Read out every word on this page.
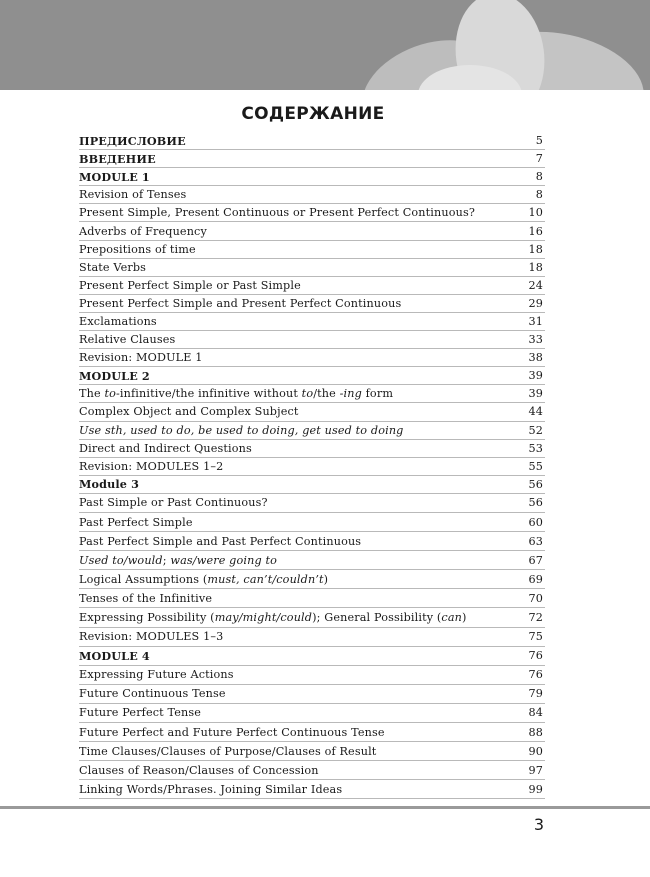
СОДЕРЖАНИЕ
ПРЕДИСЛОВИЕ	5
ВВЕДЕНИЕ	7
MODULE 1	8
Revision of Tenses	8
Present Simple, Present Continuous or Present Perfect Continuous?	10
Adverbs of Frequency	16
Prepositions of time	18
State Verbs	18
Present Perfect Simple or Past Simple	24
Present Perfect Simple and Present Perfect Continuous	29
Exclamations	31
Relative Clauses	33
Revision: MODULE 1	38
MODULE 2	39
The to-infinitive/the infinitive without to/the -ing form	39
Complex Object and Complex Subject	44
Use sth, used to do, be used to doing, get used to doing	52
Direct and Indirect Questions	53
Revision: MODULES 1–2	55
Module 3	56
Past Simple or Past Continuous?	56
Past Perfect Simple	60
Past Perfect Simple and Past Perfect Continuous	63
Used to/would; was/were going to	67
Logical Assumptions (must, can’t/couldn’t)	69
Tenses of the Infinitive	70
Expressing Possibility (may/might/could); General Possibility (can)	72
Revision: MODULES 1–3	75
MODULE 4	76
Expressing Future Actions	76
Future Continuous Tense	79
Future Perfect Tense	84
Future Perfect and Future Perfect Continuous Tense	88
Time Clauses/Clauses of Purpose/Clauses of Result	90
Clauses of Reason/Clauses of Concession	97
Linking Words/Phrases. Joining Similar Ideas	99
3
